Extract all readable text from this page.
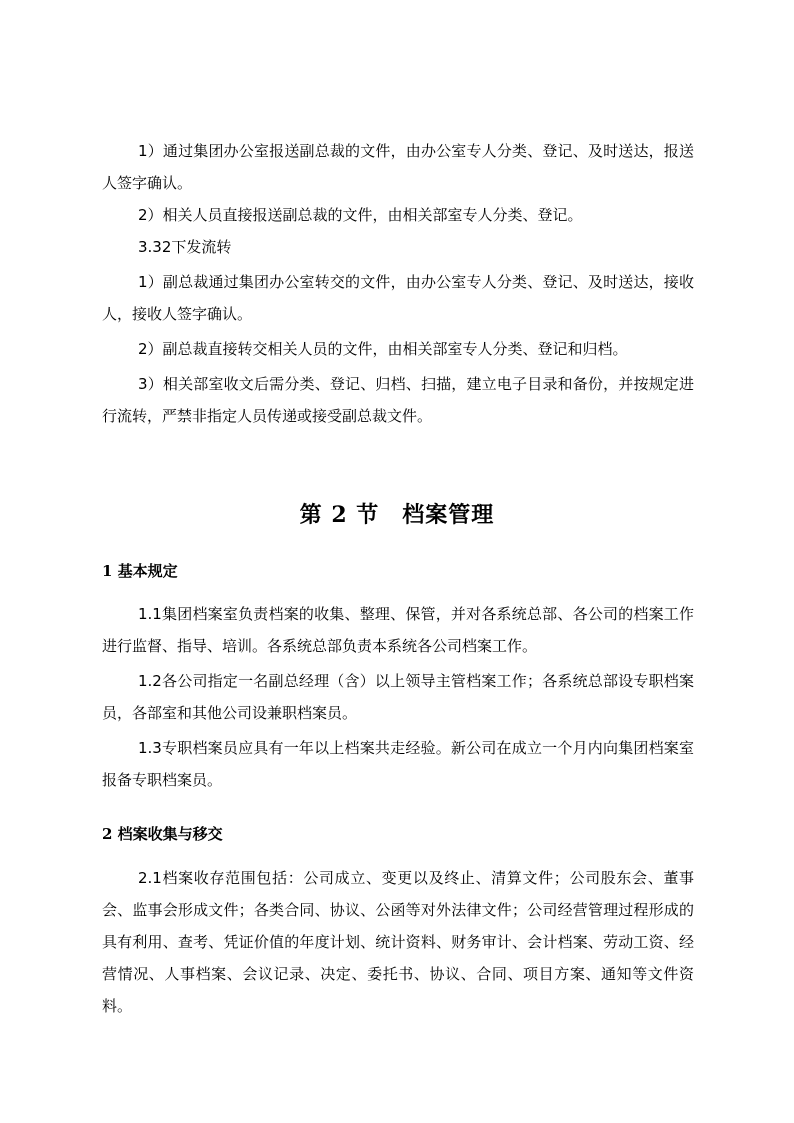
1）通过集团办公室报送副总裁的文件，由办公室专人分类、登记、及时送达，报送人签字确认。

2）相关人员直接报送副总裁的文件，由相关部室专人分类、登记。

3.32下发流转

1）副总裁通过集团办公室转交的文件，由办公室专人分类、登记、及时送达，接收人，接收人签字确认。

2）副总裁直接转交相关人员的文件，由相关部室专人分类、登记和归档。

3）相关部室收文后需分类、登记、归档、扫描，建立电子目录和备份，并按规定进行流转，严禁非指定人员传递或接受副总裁文件。

第 2 节　档案管理
1 基本规定

1.1集团档案室负责档案的收集、整理、保管，并对各系统总部、各公司的档案工作进行监督、指导、培训。各系统总部负责本系统各公司档案工作。

1.2各公司指定一名副总经理（含）以上领导主管档案工作；各系统总部设专职档案员，各部室和其他公司设兼职档案员。

1.3专职档案员应具有一年以上档案共走经验。新公司在成立一个月内向集团档案室报备专职档案员。

2 档案收集与移交

2.1档案收存范围包括：公司成立、变更以及终止、清算文件；公司股东会、董事会、监事会形成文件；各类合同、协议、公函等对外法律文件；公司经营管理过程形成的具有利用、查考、凭证价值的年度计划、统计资料、财务审计、会计档案、劳动工资、经营情况、人事档案、会议记录、决定、委托书、协议、合同、项目方案、通知等文件资料。
